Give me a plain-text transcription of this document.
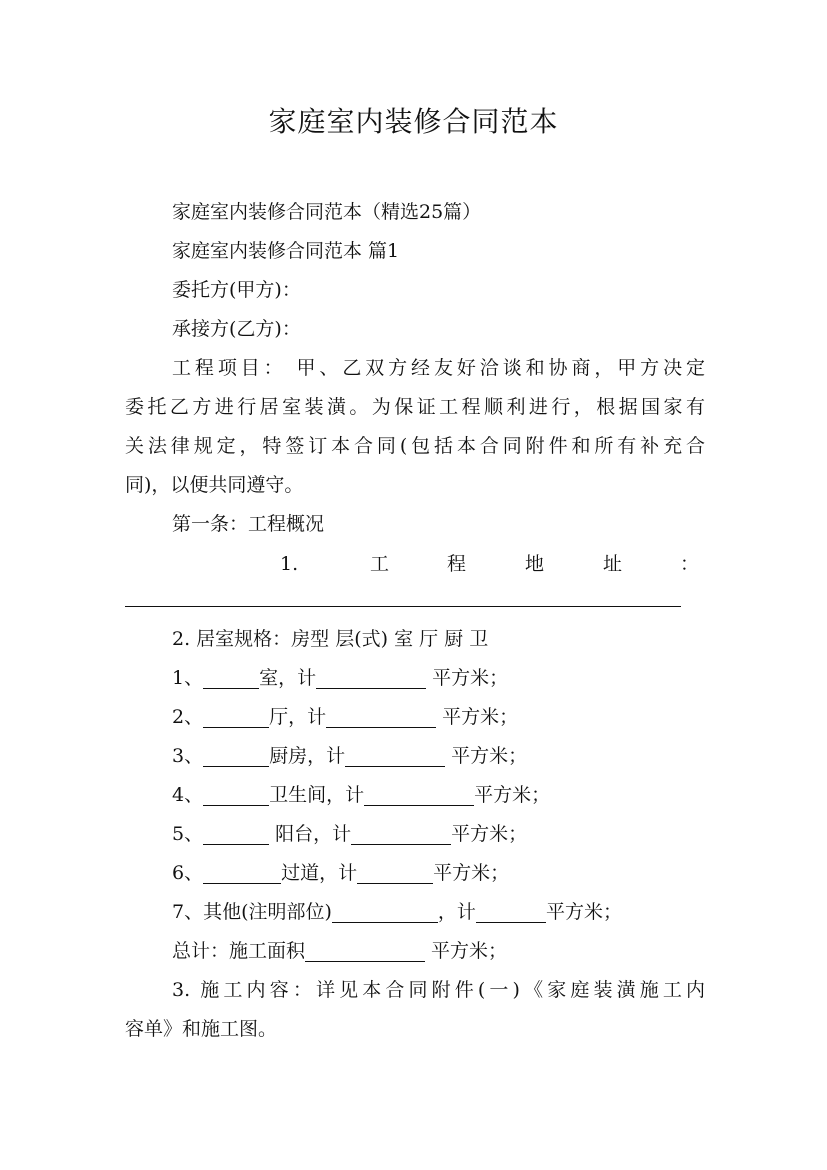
家庭室内装修合同范本
家庭室内装修合同范本（精选25篇）
家庭室内装修合同范本 篇1
委托方(甲方)：
承接方(乙方)：
工程项目： 甲、乙双方经友好洽谈和协商，甲方决定
委托乙方进行居室装潢。为保证工程顺利进行，根据国家有
关法律规定，特签订本合同(包括本合同附件和所有补充合
同)，以便共同遵守。
第一条：工程概况
1.	工	程	地	址	：
2. 居室规格：房型 层(式) 室 厅 厨 卫
1、	室，计	平方米；
2、	厅，计	平方米；
3、	厨房，计	平方米；
4、	卫生间，计	平方米；
5、	阳台，计	平方米；
6、	过道，计	平方米；
7、其他(注明部位)	，计	平方米；
总计：施工面积	平方米；
3. 施工内容：详见本合同附件(一)《家庭装潢施工内
容单》和施工图。
